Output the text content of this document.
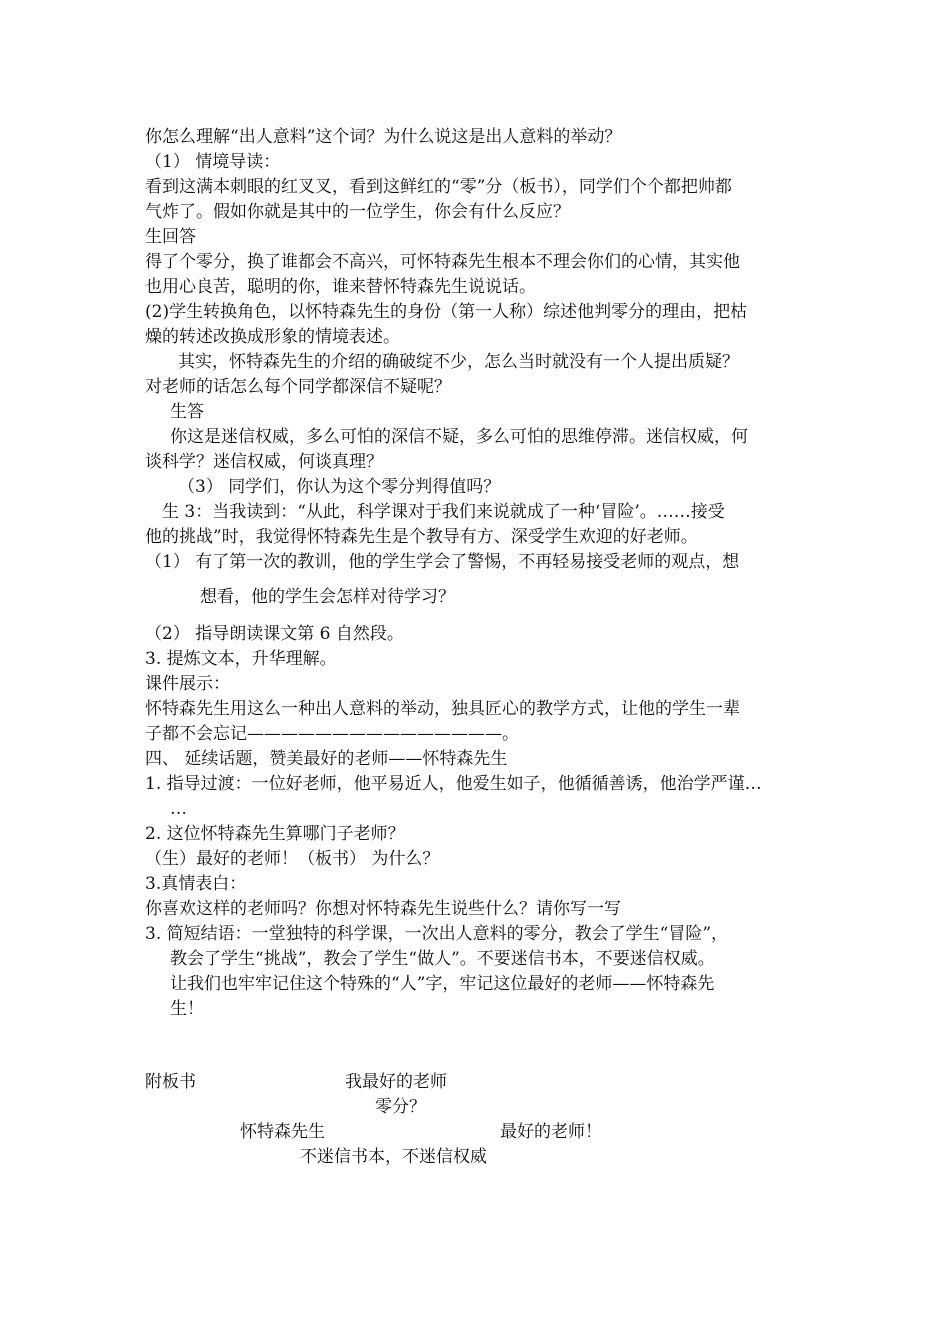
你怎么理解“出人意料”这个词？为什么说这是出人意料的举动？
（1） 情境导读：
看到这满本刺眼的红叉叉，看到这鲜红的“零”分（板书），同学们个个都把帅都
气炸了。假如你就是其中的一位学生，你会有什么反应？
生回答
得了个零分，换了谁都会不高兴，可怀特森先生根本不理会你们的心情，其实他
也用心良苦，聪明的你，谁来替怀特森先生说说话。
(2)学生转换角色，以怀特森先生的身份（第一人称）综述他判零分的理由，把枯
燥的转述改换成形象的情境表述。
其实，怀特森先生的介绍的确破绽不少，怎么当时就没有一个人提出质疑？
对老师的话怎么每个同学都深信不疑呢？
生答
你这是迷信权威，多么可怕的深信不疑，多么可怕的思维停滞。迷信权威，何
谈科学？迷信权威，何谈真理？
（3） 同学们，你认为这个零分判得值吗？
生 3：当我读到：“从此，科学课对于我们来说就成了一种‘冒险’。……接受
他的挑战”时，我觉得怀特森先生是个教导有方、深受学生欢迎的好老师。
（1） 有了第一次的教训，他的学生学会了警惕，不再轻易接受老师的观点，想
想看，他的学生会怎样对待学习？
（2） 指导朗读课文第 6 自然段。
3. 提炼文本，升华理解。
课件展示：
怀特森先生用这么一种出人意料的举动，独具匠心的教学方式，让他的学生一辈
子都不会忘记———————————————。
四、 延续话题，赞美最好的老师——怀特森先生
1. 指导过渡：一位好老师，他平易近人，他爱生如子，他循循善诱，他治学严谨…
…
2. 这位怀特森先生算哪门子老师？
（生）最好的老师！（板书） 为什么？
3.真情表白：
你喜欢这样的老师吗？你想对怀特森先生说些什么？请你写一写
3. 简短结语：一堂独特的科学课，一次出人意料的零分，教会了学生“冒险”，
教会了学生“挑战”，教会了学生“做人”。不要迷信书本，不要迷信权威。
让我们也牢牢记住这个特殊的“人”字，牢记这位最好的老师——怀特森先
生！
附板书	我最好的老师
零分？
怀特森先生	最好的老师！
不迷信书本，不迷信权威
